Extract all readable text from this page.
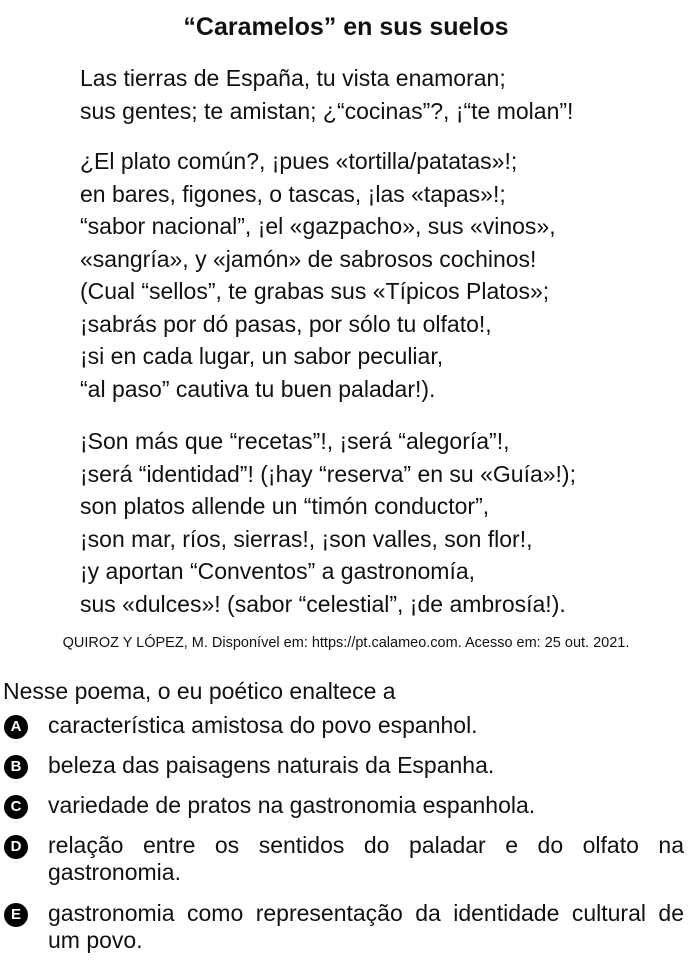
“Caramelos” en sus suelos
Las tierras de España, tu vista enamoran;
sus gentes; te amistan; ¿“cocinas”?, ¡“te molan”!
¿El plato común?, ¡pues «tortilla/patatas»!;
en bares, figones, o tascas, ¡las «tapas»!;
“sabor nacional”, ¡el «gazpacho», sus «vinos»,
«sangría», y «jamón» de sabrosos cochinos!
(Cual “sellos”, te grabas sus «Típicos Platos»;
¡sabrás por dó pasas, por sólo tu olfato!,
¡si en cada lugar, un sabor peculiar,
“al paso” cautiva tu buen paladar!).
¡Son más que “recetas”!, ¡será “alegoría”!,
¡será “identidad”! (¡hay “reserva” en su «Guía»!);
son platos allende un “timón conductor”,
¡son mar, ríos, sierras!, ¡son valles, son flor!,
¡y aportan “Conventos” a gastronomía,
sus «dulces»! (sabor “celestial”, ¡de ambrosía!).
QUIROZ Y LÓPEZ, M. Disponível em: https://pt.calameo.com. Acesso em: 25 out. 2021.
Nesse poema, o eu poético enaltece a
A característica amistosa do povo espanhol.
B beleza das paisagens naturais da Espanha.
C variedade de pratos na gastronomia espanhola.
D relação entre os sentidos do paladar e do olfato na gastronomia.
E	gastronomia como representação da identidade cultural de um povo.
